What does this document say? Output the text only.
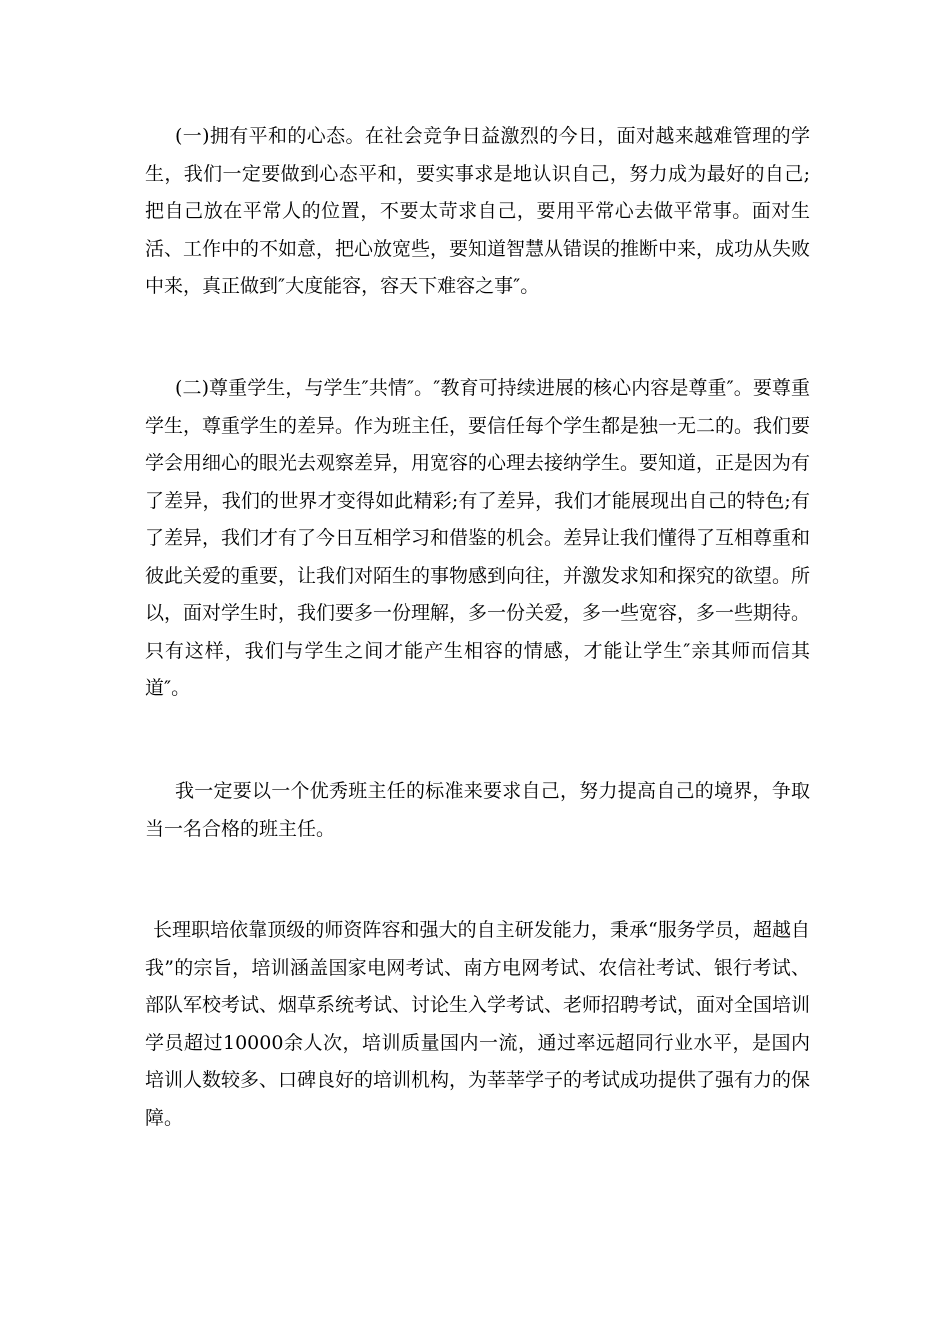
(一)拥有平和的心态。在社会竞争日益激烈的今日，面对越来越难管理的学生，我们一定要做到心态平和，要实事求是地认识自己，努力成为最好的自己;把自己放在平常人的位置，不要太苛求自己，要用平常心去做平常事。面对生活、工作中的不如意，把心放宽些，要知道智慧从错误的推断中来，成功从失败中来，真正做到″大度能容，容天下难容之事″。

(二)尊重学生，与学生″共情″。″教育可持续进展的核心内容是尊重″。要尊重学生，尊重学生的差异。作为班主任，要信任每个学生都是独一无二的。我们要学会用细心的眼光去观察差异，用宽容的心理去接纳学生。要知道，正是因为有了差异，我们的世界才变得如此精彩;有了差异，我们才能展现出自己的特色;有了差异，我们才有了今日互相学习和借鉴的机会。差异让我们懂得了互相尊重和彼此关爱的重要，让我们对陌生的事物感到向往，并激发求知和探究的欲望。所以，面对学生时，我们要多一份理解，多一份关爱，多一些宽容，多一些期待。只有这样，我们与学生之间才能产生相容的情感，才能让学生″亲其师而信其道″。

我一定要以一个优秀班主任的标准来要求自己，努力提高自己的境界，争取当一名合格的班主任。

长理职培依靠顶级的师资阵容和强大的自主研发能力，秉承“服务学员，超越自我”的宗旨，培训涵盖国家电网考试、南方电网考试、农信社考试、银行考试、部队军校考试、烟草系统考试、讨论生入学考试、老师招聘考试，面对全国培训学员超过10000余人次，培训质量国内一流，通过率远超同行业水平，是国内培训人数较多、口碑良好的培训机构，为莘莘学子的考试成功提供了强有力的保障。
